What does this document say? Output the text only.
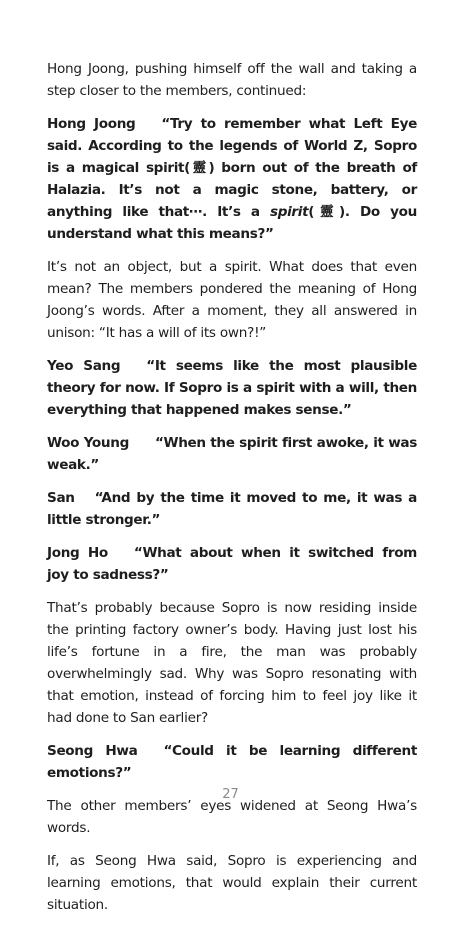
Hong Joong, pushing himself off the wall and taking a step closer to the members, continued:

Hong Joong “Try to remember what Left Eye said. According to the legends of World Z, Sopro is a magical spirit(靈) born out of the breath of Halazia. It’s not a magic stone, battery, or anything like that⋯. It’s a spirit(靈). Do you understand what this means?”

It’s not an object, but a spirit. What does that even mean? The members pondered the meaning of Hong Joong’s words. After a moment, they all answered in unison: “It has a will of its own?!”

Yeo Sang “It seems like the most plausible theory for now. If Sopro is a spirit with a will, then everything that happened makes sense.”

Woo Young “When the spirit first awoke, it was weak.”

San “And by the time it moved to me, it was a little stronger.”

Jong Ho “What about when it switched from joy to sadness?”

That’s probably because Sopro is now residing inside the printing factory owner’s body. Having just lost his life’s fortune in a fire, the man was probably overwhelmingly sad. Why was Sopro resonating with that emotion, instead of forcing him to feel joy like it had done to San earlier?

Seong Hwa “Could it be learning different emotions?”

The other members’ eyes widened at Seong Hwa’s words.

If, as Seong Hwa said, Sopro is experiencing and learning emotions, that would explain their current situation.

27
